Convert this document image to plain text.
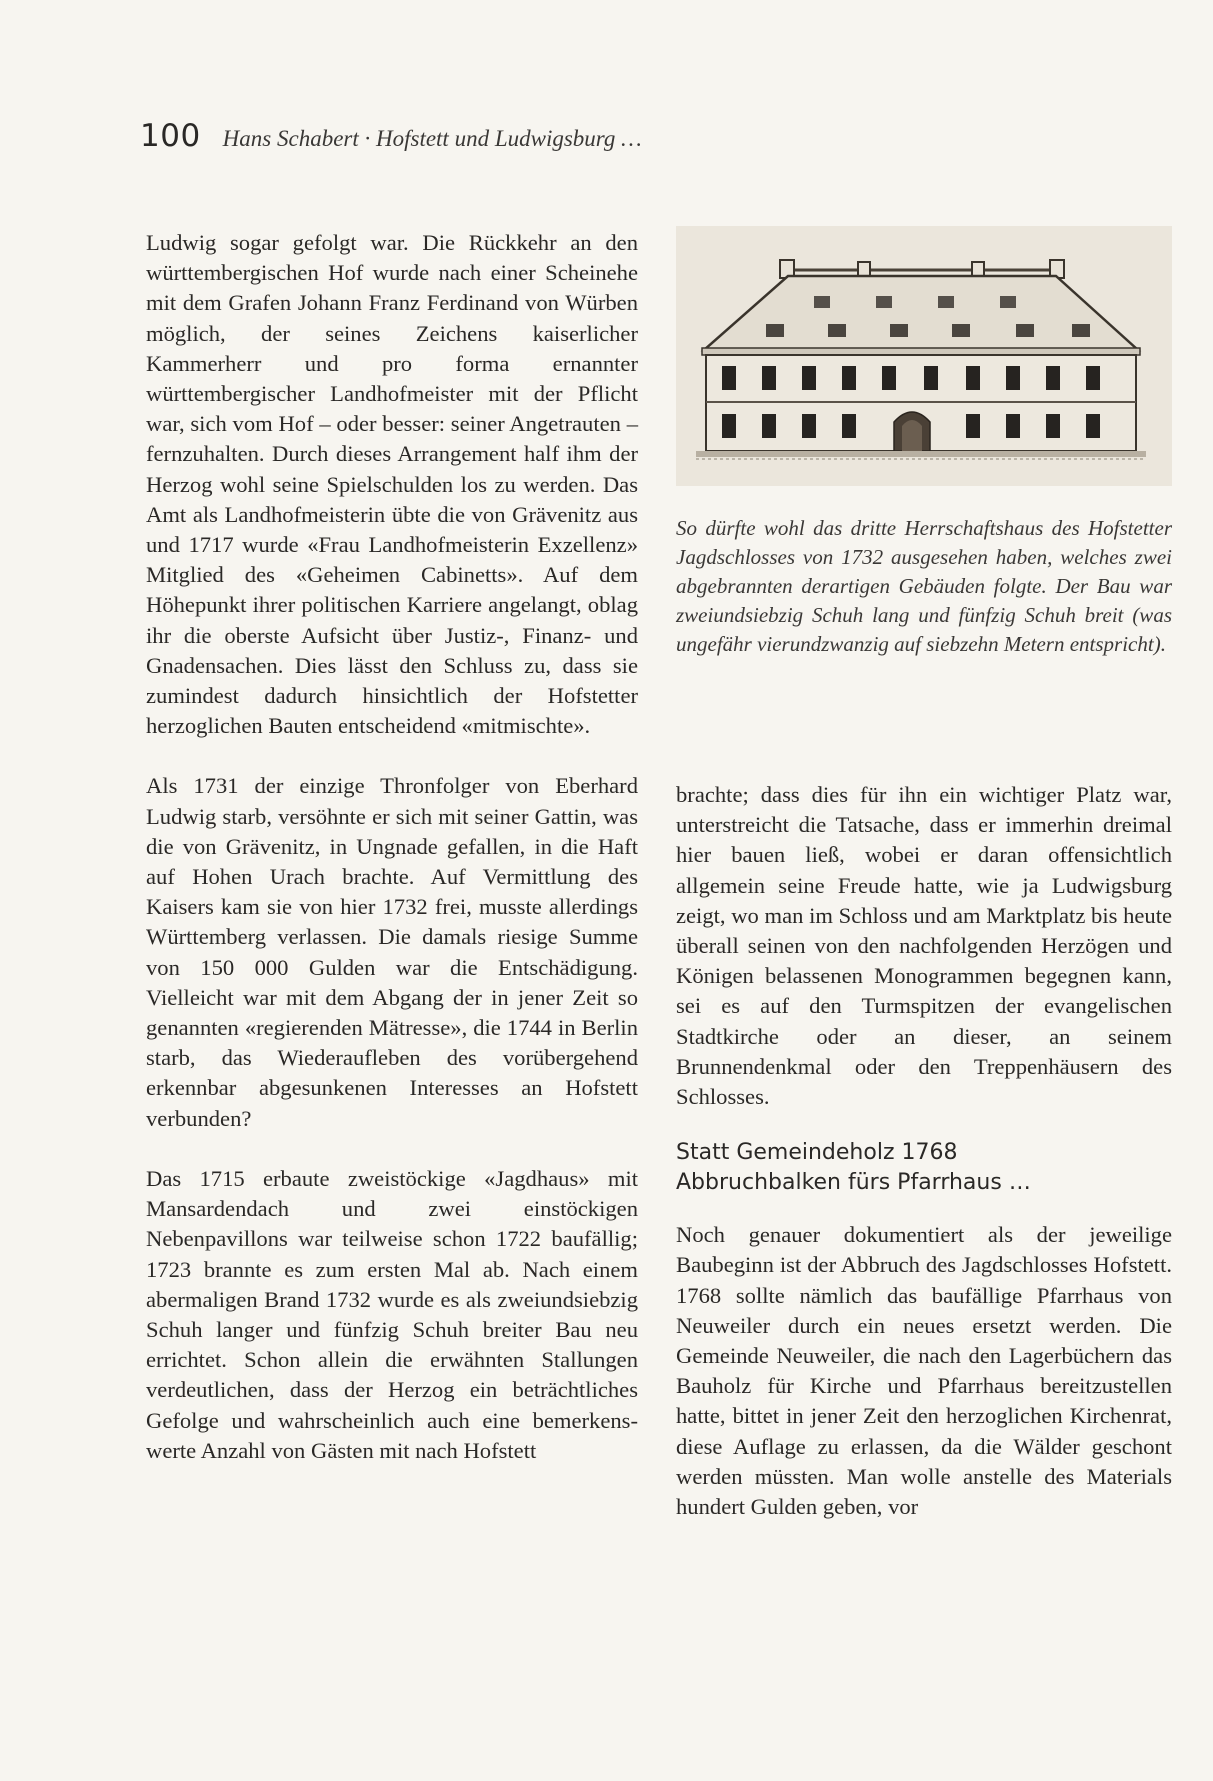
100 Hans Schabert · Hofstett und Ludwigsburg …

Ludwig sogar gefolgt war. Die Rückkehr an den württembergischen Hof wurde nach einer Scheinehe mit dem Grafen Johann Franz Ferdinand von Würben möglich, der seines Zeichens kaiserlicher Kammerherr und pro forma ernannter württembergischer Landhofmeister mit der Pflicht war, sich vom Hof – oder besser: seiner Angetrauten – fernzuhalten. Durch dieses Arrangement half ihm der Herzog wohl seine Spielschulden los zu werden. Das Amt als Landhofmeisterin übte die von Grävenitz aus und 1717 wurde «Frau Landhofmeisterin Exzellenz» Mitglied des «Geheimen Cabinetts». Auf dem Höhepunkt ihrer politischen Karriere angelangt, oblag ihr die oberste Aufsicht über Justiz-, Finanz- und Gnadensachen. Dies lässt den Schluss zu, dass sie zumindest dadurch hinsichtlich der Hofstetter herzoglichen Bauten entscheidend «mitmischte».

Als 1731 der einzige Thronfolger von Eberhard Ludwig starb, versöhnte er sich mit seiner Gattin, was die von Grävenitz, in Ungnade gefallen, in die Haft auf Hohen Urach brachte. Auf Vermittlung des Kaisers kam sie von hier 1732 frei, musste allerdings Württemberg verlassen. Die damals riesige Summe von 150 000 Gulden war die Entschädigung. Vielleicht war mit dem Abgang der in jener Zeit so genannten «regierenden Mätresse», die 1744 in Berlin starb, das Wiederaufleben des vorübergehend erkennbar abgesunkenen Interesses an Hofstett verbunden?

Das 1715 erbaute zweistöckige «Jagdhaus» mit Mansardendach und zwei einstöckigen Nebenpavillons war teilweise schon 1722 baufällig; 1723 brannte es zum ersten Mal ab. Nach einem abermaligen Brand 1732 wurde es als zweiundsiebzig Schuh langer und fünfzig Schuh breiter Bau neu errichtet. Schon allein die erwähnten Stallungen verdeutlichen, dass der Herzog ein beträchtliches Gefolge und wahrscheinlich auch eine bemerkenswerte Anzahl von Gästen mit nach Hofstett

So dürfte wohl das dritte Herrschaftshaus des Hofstetter Jagdschlosses von 1732 ausgesehen haben, welches zwei abgebrannten derartigen Gebäuden folgte. Der Bau war zweiundsiebzig Schuh lang und fünfzig Schuh breit (was ungefähr vierundzwanzig auf siebzehn Metern entspricht).

brachte; dass dies für ihn ein wichtiger Platz war, unterstreicht die Tatsache, dass er immerhin dreimal hier bauen ließ, wobei er daran offensichtlich allgemein seine Freude hatte, wie ja Ludwigsburg zeigt, wo man im Schloss und am Marktplatz bis heute überall seinen von den nachfolgenden Herzögen und Königen belassenen Monogrammen begegnen kann, sei es auf den Turmspitzen der evangelischen Stadtkirche oder an dieser, an seinem Brunnendenkmal oder den Treppenhäusern des Schlosses.

Statt Gemeindeholz 1768
Abbruchbalken fürs Pfarrhaus …

Noch genauer dokumentiert als der jeweilige Baubeginn ist der Abbruch des Jagdschlosses Hofstett. 1768 sollte nämlich das baufällige Pfarrhaus von Neuweiler durch ein neues ersetzt werden. Die Gemeinde Neuweiler, die nach den Lagerbüchern das Bauholz für Kirche und Pfarrhaus bereitzustellen hatte, bittet in jener Zeit den herzoglichen Kirchenrat, diese Auflage zu erlassen, da die Wälder geschont werden müssten. Man wolle anstelle des Materials hundert Gulden geben, vor
